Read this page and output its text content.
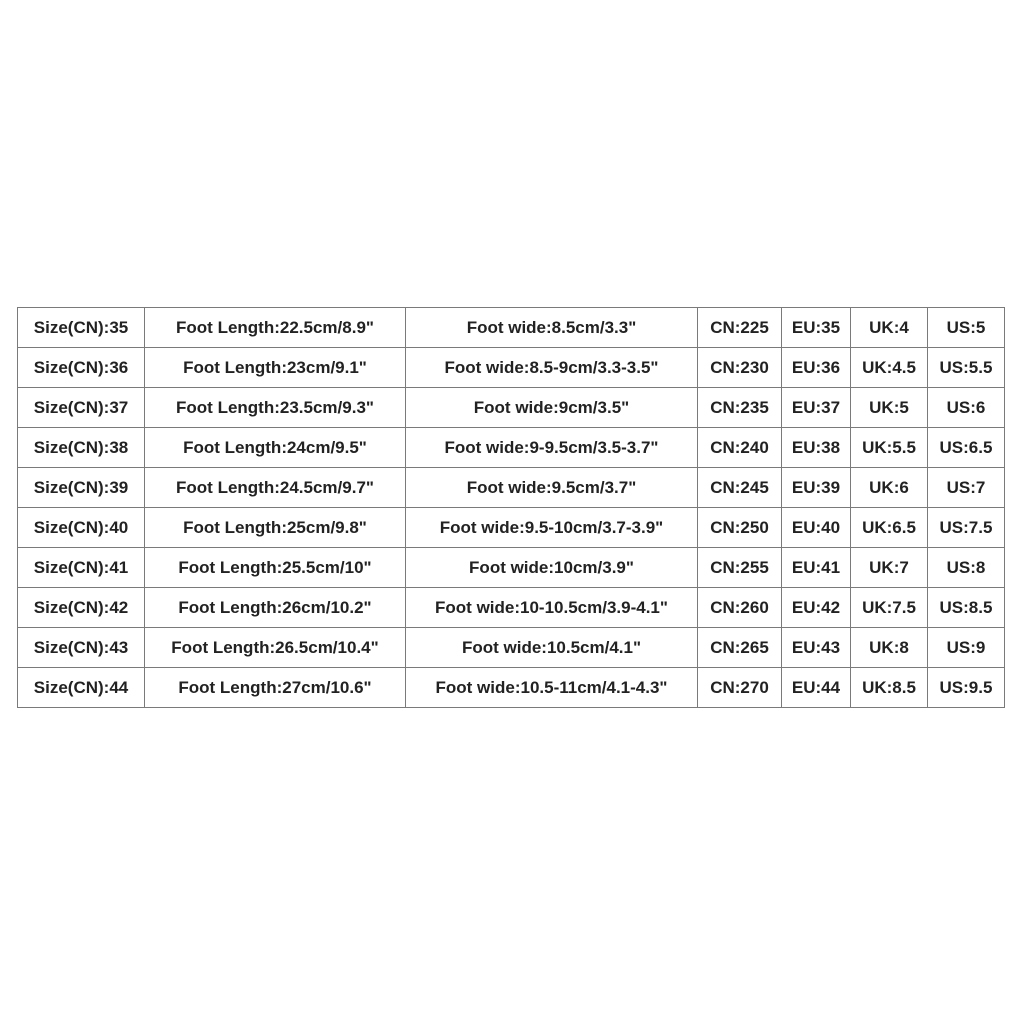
Size(CN):35	Foot Length:22.5cm/8.9"	Foot wide:8.5cm/3.3"	CN:225	EU:35	UK:4	US:5
Size(CN):36	Foot Length:23cm/9.1"	Foot wide:8.5-9cm/3.3-3.5"	CN:230	EU:36	UK:4.5	US:5.5
Size(CN):37	Foot Length:23.5cm/9.3"	Foot wide:9cm/3.5"	CN:235	EU:37	UK:5	US:6
Size(CN):38	Foot Length:24cm/9.5"	Foot wide:9-9.5cm/3.5-3.7"	CN:240	EU:38	UK:5.5	US:6.5
Size(CN):39	Foot Length:24.5cm/9.7"	Foot wide:9.5cm/3.7"	CN:245	EU:39	UK:6	US:7
Size(CN):40	Foot Length:25cm/9.8"	Foot wide:9.5-10cm/3.7-3.9"	CN:250	EU:40	UK:6.5	US:7.5
Size(CN):41	Foot Length:25.5cm/10"	Foot wide:10cm/3.9"	CN:255	EU:41	UK:7	US:8
Size(CN):42	Foot Length:26cm/10.2"	Foot wide:10-10.5cm/3.9-4.1"	CN:260	EU:42	UK:7.5	US:8.5
Size(CN):43	Foot Length:26.5cm/10.4"	Foot wide:10.5cm/4.1"	CN:265	EU:43	UK:8	US:9
Size(CN):44	Foot Length:27cm/10.6"	Foot wide:10.5-11cm/4.1-4.3"	CN:270	EU:44	UK:8.5	US:9.5
